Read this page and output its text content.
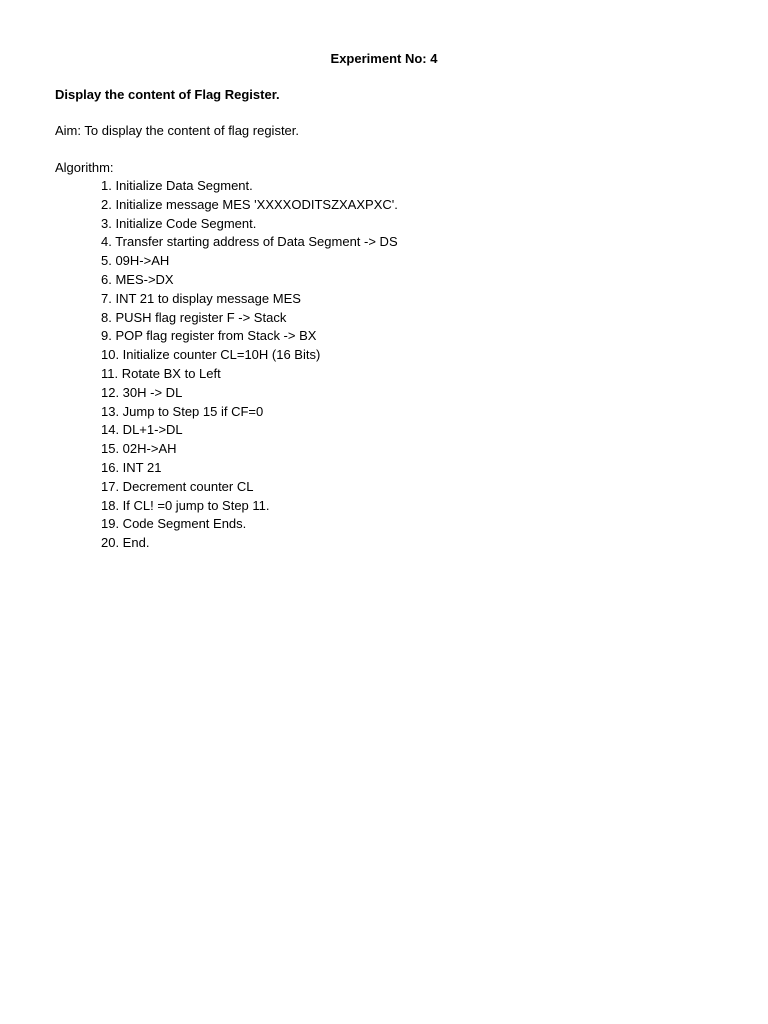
Experiment No: 4
Display the content of Flag Register.
Aim: To display the content of flag register.
Algorithm:
1. Initialize Data Segment.
2. Initialize message MES 'XXXXODITSZXAXPXC'.
3. Initialize Code Segment.
4. Transfer starting address of Data Segment -> DS
5. 09H->AH
6. MES->DX
7. INT 21 to display message MES
8. PUSH flag register F -> Stack
9. POP flag register from Stack -> BX
10. Initialize counter CL=10H (16 Bits)
11. Rotate BX to Left
12. 30H -> DL
13. Jump to Step 15 if CF=0
14. DL+1->DL
15. 02H->AH
16. INT 21
17. Decrement counter CL
18. If CL! =0 jump to Step 11.
19. Code Segment Ends.
20. End.
